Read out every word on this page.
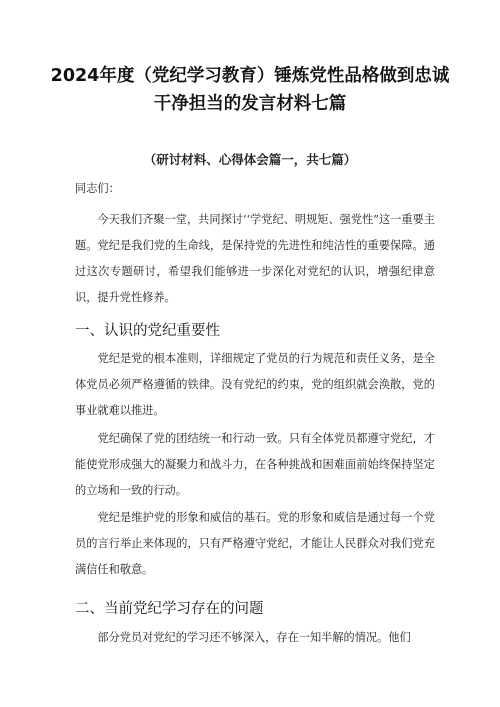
2024年度（党纪学习教育）锤炼党性品格做到忠诚
干净担当的发言材料七篇
（研讨材料、心得体会篇一，共七篇）
同志们：
　　今天我们齐聚一堂，共同探讨‘‘学党纪、明规矩、强党性”这一重要主题。党纪是我们党的生命线，是保持党的先进性和纯洁性的重要保障。通过这次专题研讨，希望我们能够进一步深化对党纪的认识，增强纪律意识，提升党性修养。
一、认识的党纪重要性
　　党纪是党的根本准则，详细规定了党员的行为规范和责任义务，是全体党员必须严格遵循的铁律。没有党纪的约束，党的组织就会涣散，党的事业就难以推进。
　　党纪确保了党的团结统一和行动一致。只有全体党员都遵守党纪，才能使党形成强大的凝聚力和战斗力，在各种挑战和困难面前始终保持坚定的立场和一致的行动。
　　党纪是维护党的形象和威信的基石。党的形象和威信是通过每一个党员的言行举止来体现的，只有严格遵守党纪，才能让人民群众对我们党充满信任和敬意。
二、当前党纪学习存在的问题
　　部分党员对党纪的学习还不够深入，存在一知半解的情况。他们
